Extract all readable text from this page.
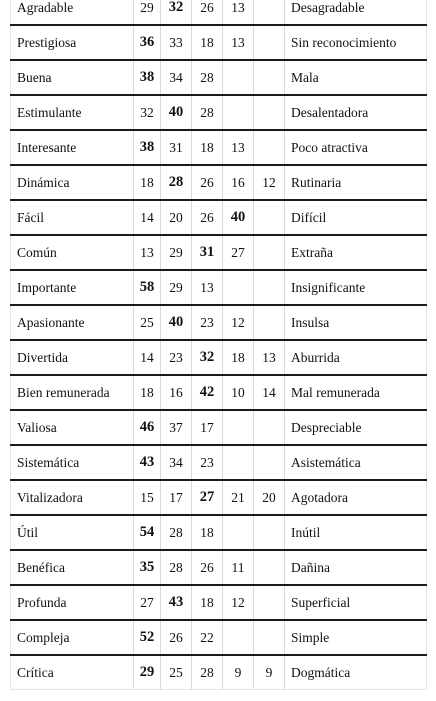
Agradable	29	32	26	13		Desagradable
Prestigiosa	36	33	18	13		Sin reconocimiento
Buena	38	34	28			Mala
Estimulante	32	40	28			Desalentadora
Interesante	38	31	18	13		Poco atractiva
Dinámica	18	28	26	16	12	Rutinaria
Fácil	14	20	26	40		Difícil
Común	13	29	31	27		Extraña
Importante	58	29	13			Insignificante
Apasionante	25	40	23	12		Insulsa
Divertida	14	23	32	18	13	Aburrida
Bien remunerada	18	16	42	10	14	Mal remunerada
Valiosa	46	37	17			Despreciable
Sistemática	43	34	23			Asistemática
Vitalizadora	15	17	27	21	20	Agotadora
Útil	54	28	18			Inútil
Benéfica	35	28	26	11		Dañina
Profunda	27	43	18	12		Superficial
Compleja	52	26	22			Simple
Crítica	29	25	28	9	9	Dogmática
